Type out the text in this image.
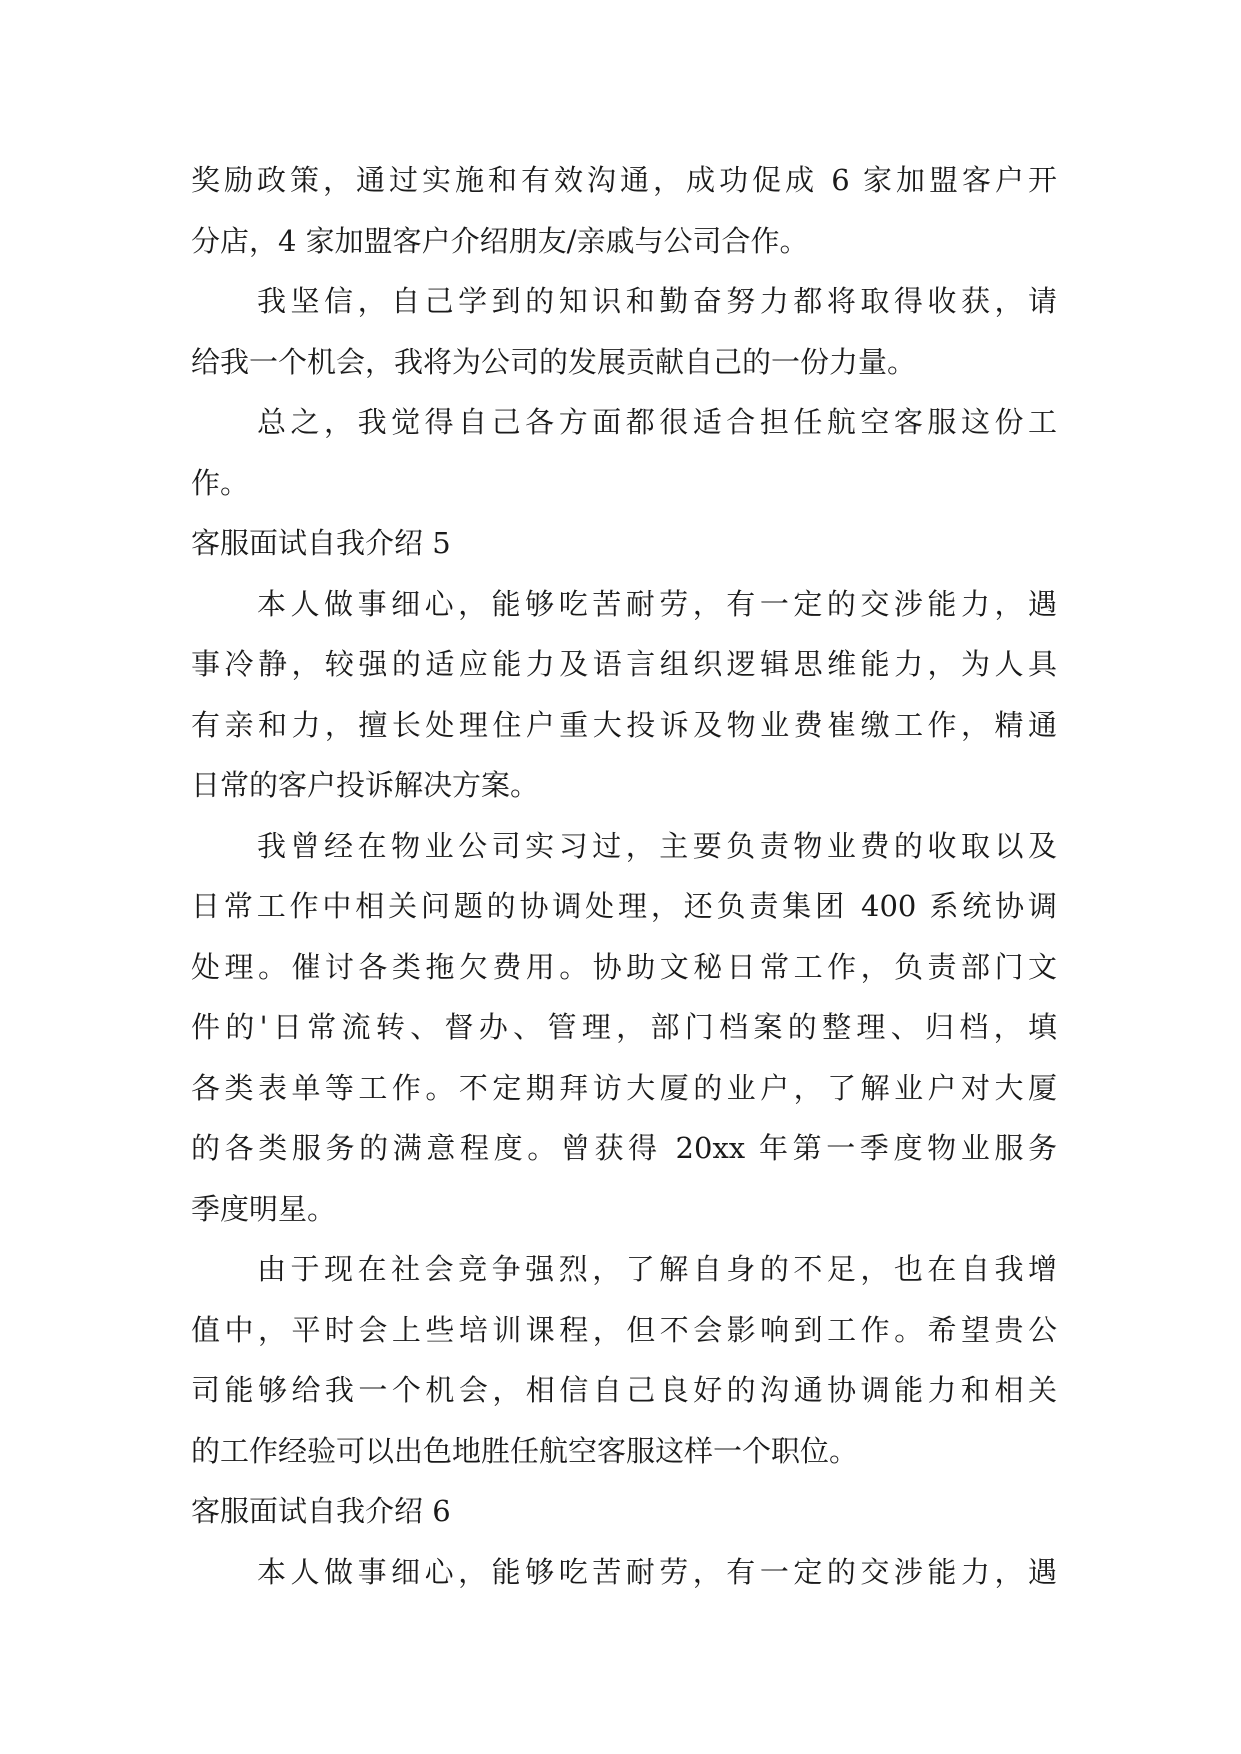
奖励政策，通过实施和有效沟通，成功促成 6 家加盟客户开
分店，4 家加盟客户介绍朋友/亲戚与公司合作。
我坚信，自己学到的知识和勤奋努力都将取得收获，请
给我一个机会，我将为公司的发展贡献自己的一份力量。
总之，我觉得自己各方面都很适合担任航空客服这份工
作。
客服面试自我介绍 5
本人做事细心，能够吃苦耐劳，有一定的交涉能力，遇
事冷静，较强的适应能力及语言组织逻辑思维能力，为人具
有亲和力，擅长处理住户重大投诉及物业费崔缴工作，精通
日常的客户投诉解决方案。
我曾经在物业公司实习过，主要负责物业费的收取以及
日常工作中相关问题的协调处理，还负责集团 400 系统协调
处理。催讨各类拖欠费用。协助文秘日常工作，负责部门文
件的'日常流转、督办、管理，部门档案的整理、归档，填
各类表单等工作。不定期拜访大厦的业户，了解业户对大厦
的各类服务的满意程度。曾获得 20xx 年第一季度物业服务
季度明星。
由于现在社会竞争强烈，了解自身的不足，也在自我增
值中，平时会上些培训课程，但不会影响到工作。希望贵公
司能够给我一个机会，相信自己良好的沟通协调能力和相关
的工作经验可以出色地胜任航空客服这样一个职位。
客服面试自我介绍 6
本人做事细心，能够吃苦耐劳，有一定的交涉能力，遇
